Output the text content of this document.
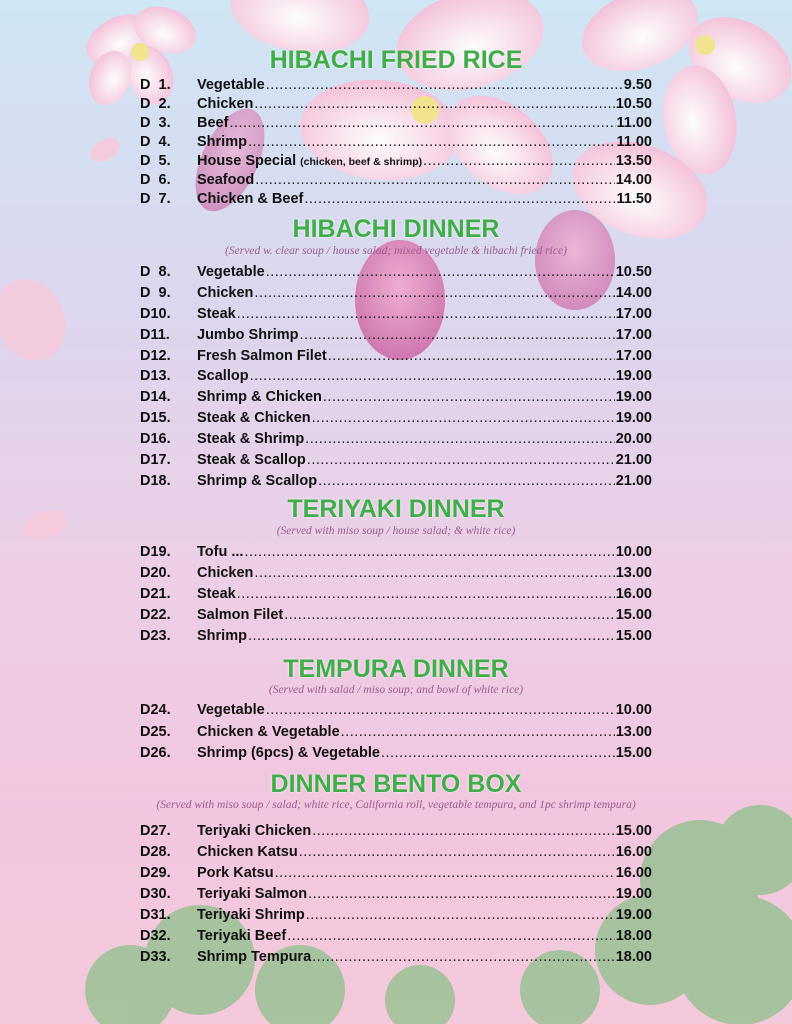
HIBACHI FRIED RICE
D  1.	Vegetable .....	9.50
D  2.	Chicken .....	10.50
D  3.	Beef .....	11.00
D  4.	Shrimp .....	11.00
D  5.	House Special (chicken, beef & shrimp) .....	13.50
D  6.	Seafood .....	14.00
D  7.	Chicken & Beef .....	11.50
HIBACHI DINNER
(Served w. clear soup / house salad; mixed vegetable & hibachi fried rice)
D  8.	Vegetable .....	10.50
D  9.	Chicken .....	14.00
D10.	Steak .....	17.00
D11.	Jumbo Shrimp .....	17.00
D12.	Fresh Salmon Filet .....	17.00
D13.	Scallop .....	19.00
D14.	Shrimp & Chicken .....	19.00
D15.	Steak & Chicken .....	19.00
D16.	Steak & Shrimp .....	20.00
D17.	Steak & Scallop .....	21.00
D18.	Shrimp & Scallop .....	21.00
TERIYAKI DINNER
(Served with miso soup / house salad; & white rice)
D19.	Tofu ... .....	10.00
D20.	Chicken .....	13.00
D21.	Steak .....	16.00
D22.	Salmon Filet .....	15.00
D23.	Shrimp .....	15.00
TEMPURA DINNER
(Served with salad / miso soup; and bowl of white rice)
D24.	Vegetable .....	10.00
D25.	Chicken & Vegetable .....	13.00
D26.	Shrimp (6pcs) & Vegetable .....	15.00
DINNER BENTO BOX
(Served with miso soup / salad; white rice, California roll, vegetable tempura, and 1pc shrimp tempura)
D27.	Teriyaki Chicken .....	15.00
D28.	Chicken Katsu .....	16.00
D29.	Pork Katsu .....	16.00
D30.	Teriyaki Salmon .....	19.00
D31.	Teriyaki Shrimp .....	19.00
D32.	Teriyaki Beef .....	18.00
D33.	Shrimp Tempura .....	18.00
